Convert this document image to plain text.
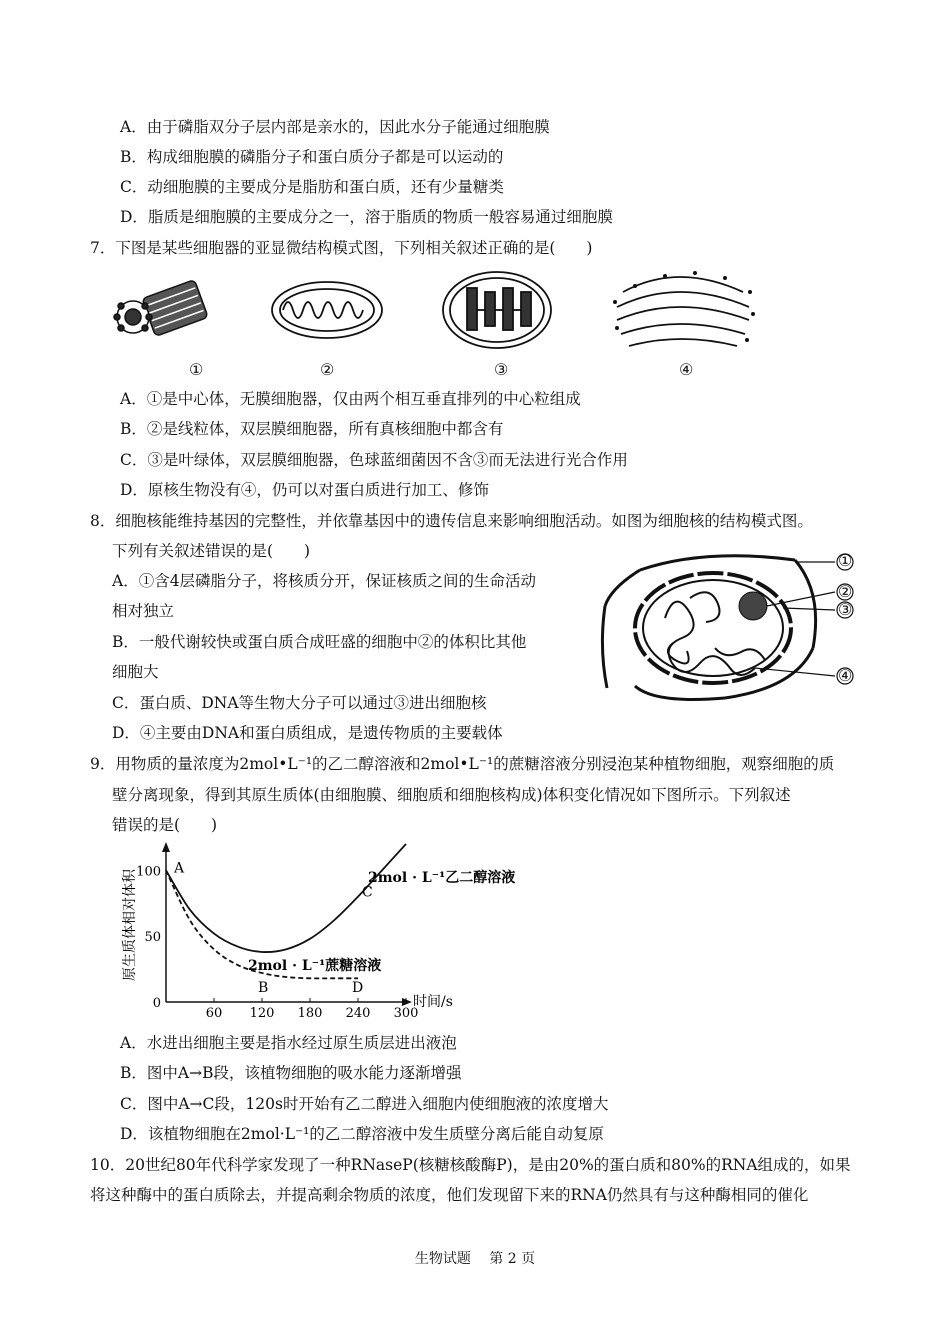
A．由于磷脂双分子层内部是亲水的，因此水分子能通过细胞膜
B．构成细胞膜的磷脂分子和蛋白质分子都是可以运动的
C．动细胞膜的主要成分是脂肪和蛋白质，还有少量糖类
D．脂质是细胞膜的主要成分之一，溶于脂质的物质一般容易通过细胞膜
7．下图是某些细胞器的亚显微结构模式图，下列相关叙述正确的是(　　)
①	②	③	④
A．①是中心体，无膜细胞器，仅由两个相互垂直排列的中心粒组成
B．②是线粒体，双层膜细胞器，所有真核细胞中都含有
C．③是叶绿体，双层膜细胞器，色球蓝细菌因不含③而无法进行光合作用
D．原核生物没有④，仍可以对蛋白质进行加工、修饰
8．细胞核能维持基因的完整性，并依靠基因中的遗传信息来影响细胞活动。如图为细胞核的结构模式图。
下列有关叙述错误的是(　　)
A．①含4层磷脂分子，将核质分开，保证核质之间的生命活动
相对独立
B．一般代谢较快或蛋白质合成旺盛的细胞中②的体积比其他
细胞大
C．蛋白质、DNA等生物大分子可以通过③进出细胞核
D．④主要由DNA和蛋白质组成，是遗传物质的主要载体
①
②
③
④
9．用物质的量浓度为2mol•L⁻¹的乙二醇溶液和2mol•L⁻¹的蔗糖溶液分别浸泡某种植物细胞，观察细胞的质
壁分离现象，得到其原生质体(由细胞膜、细胞质和细胞核构成)体积变化情况如下图所示。下列叙述
错误的是(　　)
原生质体相对体积
时间/s
60 120 180 240 300
0
50
100	2mol · L⁻¹乙二醇溶液
2mol · L⁻¹蔗糖溶液
A
B
C
D
A．水进出细胞主要是指水经过原生质层进出液泡
B．图中A→B段，该植物细胞的吸水能力逐渐增强
C．图中A→C段，120s时开始有乙二醇进入细胞内使细胞液的浓度增大
D．该植物细胞在2mol·L⁻¹的乙二醇溶液中发生质壁分离后能自动复原
10．20世纪80年代科学家发现了一种RNaseP(核糖核酸酶P)，是由20%的蛋白质和80%的RNA组成的，如果
将这种酶中的蛋白质除去，并提高剩余物质的浓度，他们发现留下来的RNA仍然具有与这种酶相同的催化
生物试题　 第 2 页
